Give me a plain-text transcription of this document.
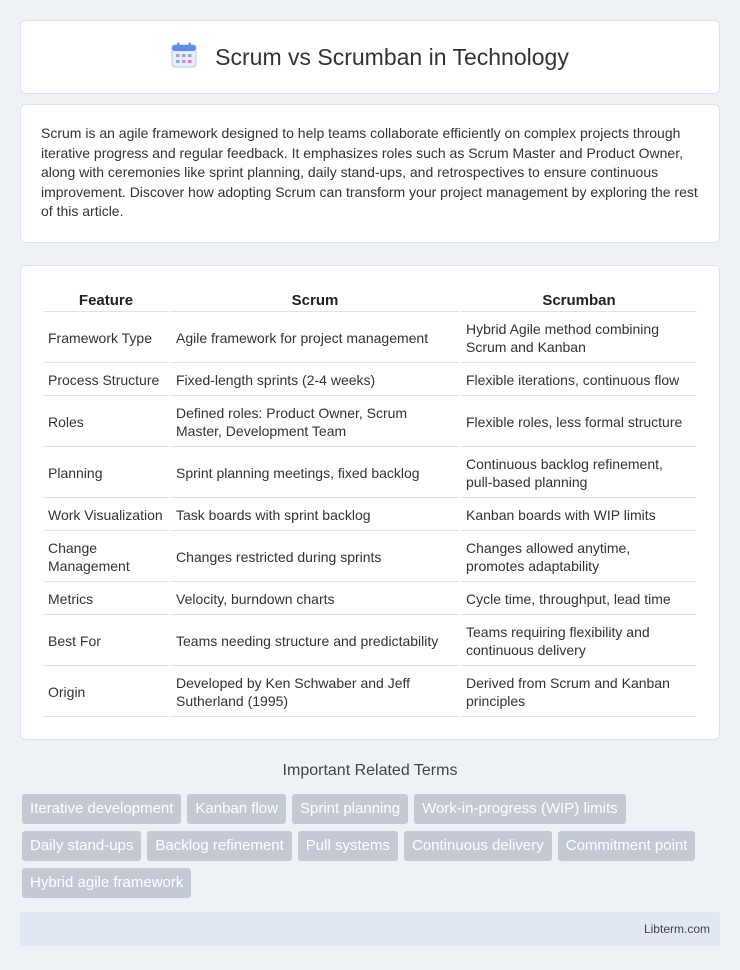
Scrum vs Scrumban in Technology

Scrum is an agile framework designed to help teams collaborate efficiently on complex projects through iterative progress and regular feedback. It emphasizes roles such as Scrum Master and Product Owner, along with ceremonies like sprint planning, daily stand-ups, and retrospectives to ensure continuous improvement. Discover how adopting Scrum can transform your project management by exploring the rest of this article.

Feature	Scrum	Scrumban
Framework Type	Agile framework for project management	Hybrid Agile method combining Scrum and Kanban
Process Structure	Fixed-length sprints (2-4 weeks)	Flexible iterations, continuous flow
Roles	Defined roles: Product Owner, Scrum Master, Development Team	Flexible roles, less formal structure
Planning	Sprint planning meetings, fixed backlog	Continuous backlog refinement, pull-based planning
Work Visualization	Task boards with sprint backlog	Kanban boards with WIP limits
Change Management	Changes restricted during sprints	Changes allowed anytime, promotes adaptability
Metrics	Velocity, burndown charts	Cycle time, throughput, lead time
Best For	Teams needing structure and predictability	Teams requiring flexibility and continuous delivery
Origin	Developed by Ken Schwaber and Jeff Sutherland (1995)	Derived from Scrum and Kanban principles
Important Related Terms
Iterative development	Kanban flow	Sprint planning	Work-in-progress (WIP) limits
Daily stand-ups	Backlog refinement	Pull systems	Continuous delivery	Commitment point
Hybrid agile framework
Libterm.com
